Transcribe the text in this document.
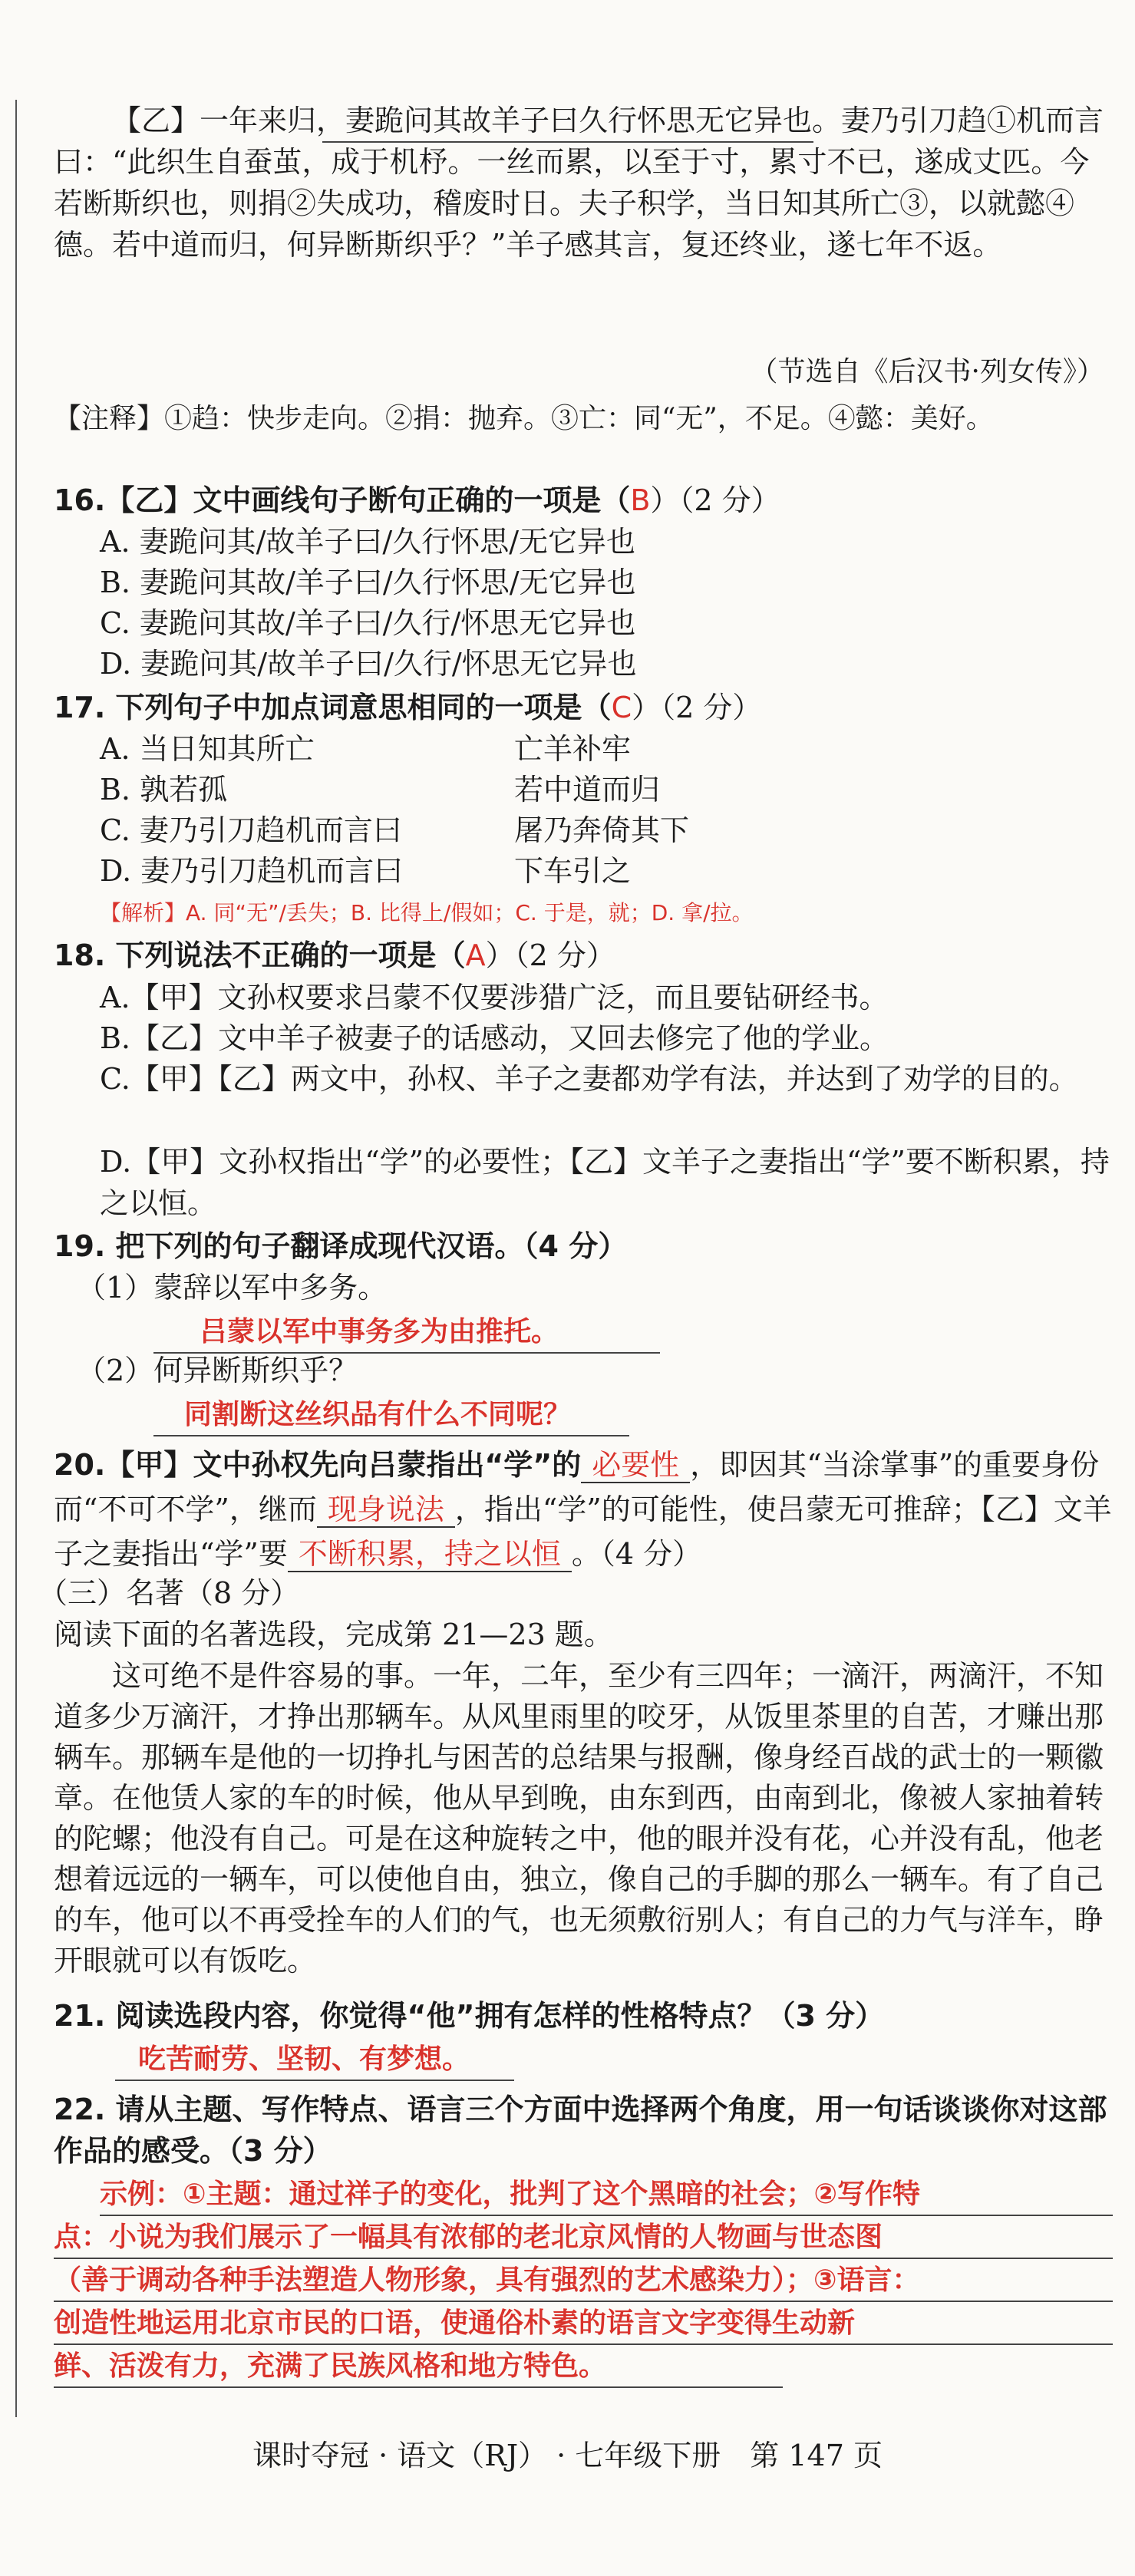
【乙】一年来归，妻跪问其故羊子曰久行怀思无它异也。妻乃引刀趋①机而言曰：“此织生自蚕茧，成于机杼。一丝而累，以至于寸，累寸不已，遂成丈匹。今若断斯织也，则捐②失成功，稽废时日。夫子积学，当日知其所亡③，以就懿④德。若中道而归，何异断斯织乎？”羊子感其言，复还终业，遂七年不返。

（节选自《后汉书·列女传》）
【注释】①趋：快步走向。②捐：抛弃。③亡：同“无”，不足。④懿：美好。
16.【乙】文中画线句子断句正确的一项是（B）（2 分）
A. 妻跪问其/故羊子曰/久行怀思/无它异也
B. 妻跪问其故/羊子曰/久行怀思/无它异也
C. 妻跪问其故/羊子曰/久行/怀思无它异也
D. 妻跪问其/故羊子曰/久行/怀思无它异也
17. 下列句子中加点词意思相同的一项是（C）（2 分）
A. 当日知其所亡	亡羊补牢
B. 孰若孤	若中道而归
C. 妻乃引刀趋机而言曰	屠乃奔倚其下
D. 妻乃引刀趋机而言曰	下车引之
【解析】A. 同“无”/丢失；B. 比得上/假如；C. 于是，就；D. 拿/拉。
18. 下列说法不正确的一项是（A）（2 分）
A.【甲】文孙权要求吕蒙不仅要涉猎广泛，而且要钻研经书。
B.【乙】文中羊子被妻子的话感动，又回去修完了他的学业。
C.【甲】【乙】两文中，孙权、羊子之妻都劝学有法，并达到了劝学的目的。
D.【甲】文孙权指出“学”的必要性；【乙】文羊子之妻指出“学”要不断积累，持之以恒。
19. 把下列的句子翻译成现代汉语。（4 分）
（1）蒙辞以军中多务。
吕蒙以军中事务多为由推托。
（2）何异断斯织乎？
同割断这丝织品有什么不同呢？
20.【甲】文中孙权先向吕蒙指出“学”的 必要性 ，即因其“当涂掌事”的重要身份而“不可不学”，继而 现身说法 ，指出“学”的可能性，使吕蒙无可推辞；【乙】文羊子之妻指出“学”要 不断积累，持之以恒 。（4 分）
（三）名著（8 分）
阅读下面的名著选段，完成第 21—23 题。

这可绝不是件容易的事。一年，二年，至少有三四年；一滴汗，两滴汗，不知道多少万滴汗，才挣出那辆车。从风里雨里的咬牙，从饭里茶里的自苦，才赚出那辆车。那辆车是他的一切挣扎与困苦的总结果与报酬，像身经百战的武士的一颗徽章。在他赁人家的车的时候，他从早到晚，由东到西，由南到北，像被人家抽着转的陀螺；他没有自己。可是在这种旋转之中，他的眼并没有花，心并没有乱，他老想着远远的一辆车，可以使他自由，独立，像自己的手脚的那么一辆车。有了自己的车，他可以不再受拴车的人们的气，也无须敷衍别人；有自己的力气与洋车，睁开眼就可以有饭吃。

21. 阅读选段内容，你觉得“他”拥有怎样的性格特点？（3 分）
吃苦耐劳、坚韧、有梦想。
22. 请从主题、写作特点、语言三个方面中选择两个角度，用一句话谈谈你对这部作品的感受。（3 分）
示例：①主题：通过祥子的变化，批判了这个黑暗的社会；②写作特
点：小说为我们展示了一幅具有浓郁的老北京风情的人物画与世态图
（善于调动各种手法塑造人物形象，具有强烈的艺术感染力）；③语言：
创造性地运用北京市民的口语，使通俗朴素的语言文字变得生动新
鲜、活泼有力，充满了民族风格和地方特色。
课时夺冠 · 语文（RJ） · 七年级下册　第 147 页
